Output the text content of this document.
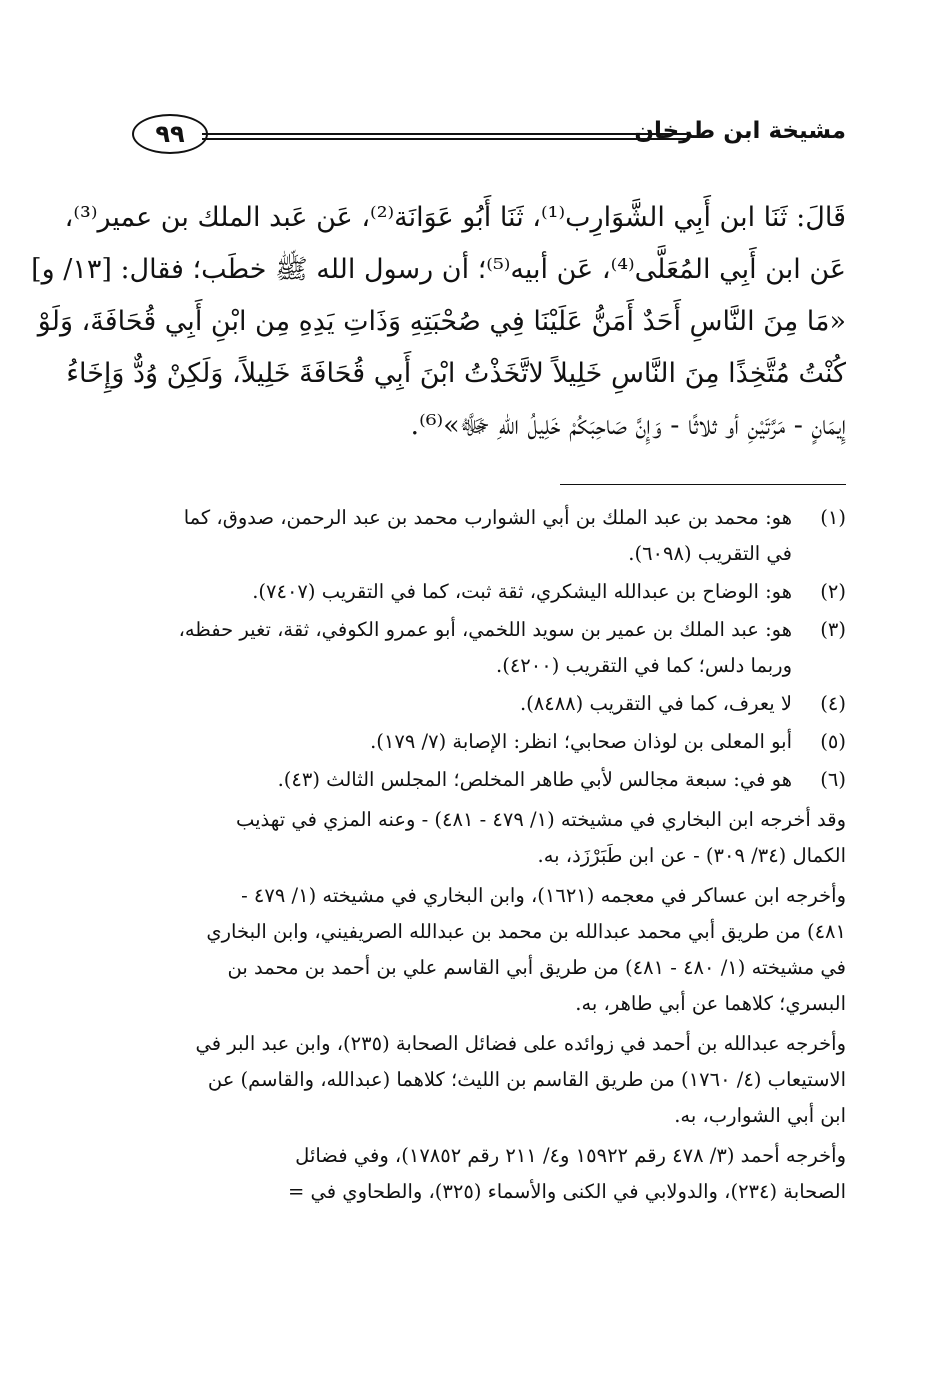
مشيخة ابن طرخان
٩٩
قَالَ: ثَنَا ابن أَبِي الشَّوَارِب⁽¹⁾، ثَنَا أَبُو عَوَانَة⁽²⁾، عَن عَبد الملك بن عمير⁽³⁾،
عَن ابن أَبِي المُعَلَّى⁽⁴⁾، عَن أبيه⁽⁵⁾؛ أن رسول الله ﷺ خطَب؛ فقال: [١٣/ و]
«مَا مِنَ النَّاسِ أَحَدٌ أَمَنُّ عَلَيْنَا فِي صُحْبَتِهِ وَذَاتِ يَدِهِ مِن ابْنِ أَبِي قُحَافَةَ، وَلَوْ
كُنْتُ مُتَّخِذًا مِنَ النَّاسِ خَلِيلاً لاتَّخَذْتُ ابْنَ أَبِي قُحَافَةَ خَلِيلاً، وَلَكِنْ وُدٌّ وَإِخَاءُ
إِيمَانٍ - مَرَّتَيْنِ أو ثلاثًا - وَإِنَّ صَاحِبَكُمْ خَلِيلُ اللهِ ﷻ»⁽⁶⁾.
(١)
هو: محمد بن عبد الملك بن أبي الشوارب محمد بن عبد الرحمن، صدوق، كما
في التقريب (٦٠٩٨).
(٢)
هو: الوضاح بن عبدالله اليشكري، ثقة ثبت، كما في التقريب (٧٤٠٧).
(٣)
هو: عبد الملك بن عمير بن سويد اللخمي، أبو عمرو الكوفي، ثقة، تغير حفظه،
وربما دلس؛ كما في التقريب (٤٢٠٠).
(٤)
لا يعرف، كما في التقريب (٨٤٨٨).
(٥)
أبو المعلى بن لوذان صحابي؛ انظر: الإصابة (٧/ ١٧٩).
(٦)
هو في: سبعة مجالس لأبي طاهر المخلص؛ المجلس الثالث (٤٣).
وقد أخرجه ابن البخاري في مشيخته (١/ ٤٧٩ - ٤٨١) - وعنه المزي في تهذيب
الكمال (٣٤/ ٣٠٩) - عن ابن طَبَرْزَذ، به.
وأخرجه ابن عساكر في معجمه (١٦٢١)، وابن البخاري في مشيخته (١/ ٤٧٩ -
٤٨١) من طريق أبي محمد عبدالله بن محمد بن عبدالله الصريفيني، وابن البخاري
في مشيخته (١/ ٤٨٠ - ٤٨١) من طريق أبي القاسم علي بن أحمد بن محمد بن
البسري؛ كلاهما عن أبي طاهر، به.
وأخرجه عبدالله بن أحمد في زوائده على فضائل الصحابة (٢٣٥)، وابن عبد البر في
الاستيعاب (٤/ ١٧٦٠) من طريق القاسم بن الليث؛ كلاهما (عبدالله، والقاسم) عن
ابن أبي الشوارب، به.
وأخرجه أحمد (٣/ ٤٧٨ رقم ١٥٩٢٢ و٤/ ٢١١ رقم ١٧٨٥٢)، وفي فضائل
الصحابة (٢٣٤)، والدولابي في الكنى والأسماء (٣٢٥)، والطحاوي في =
